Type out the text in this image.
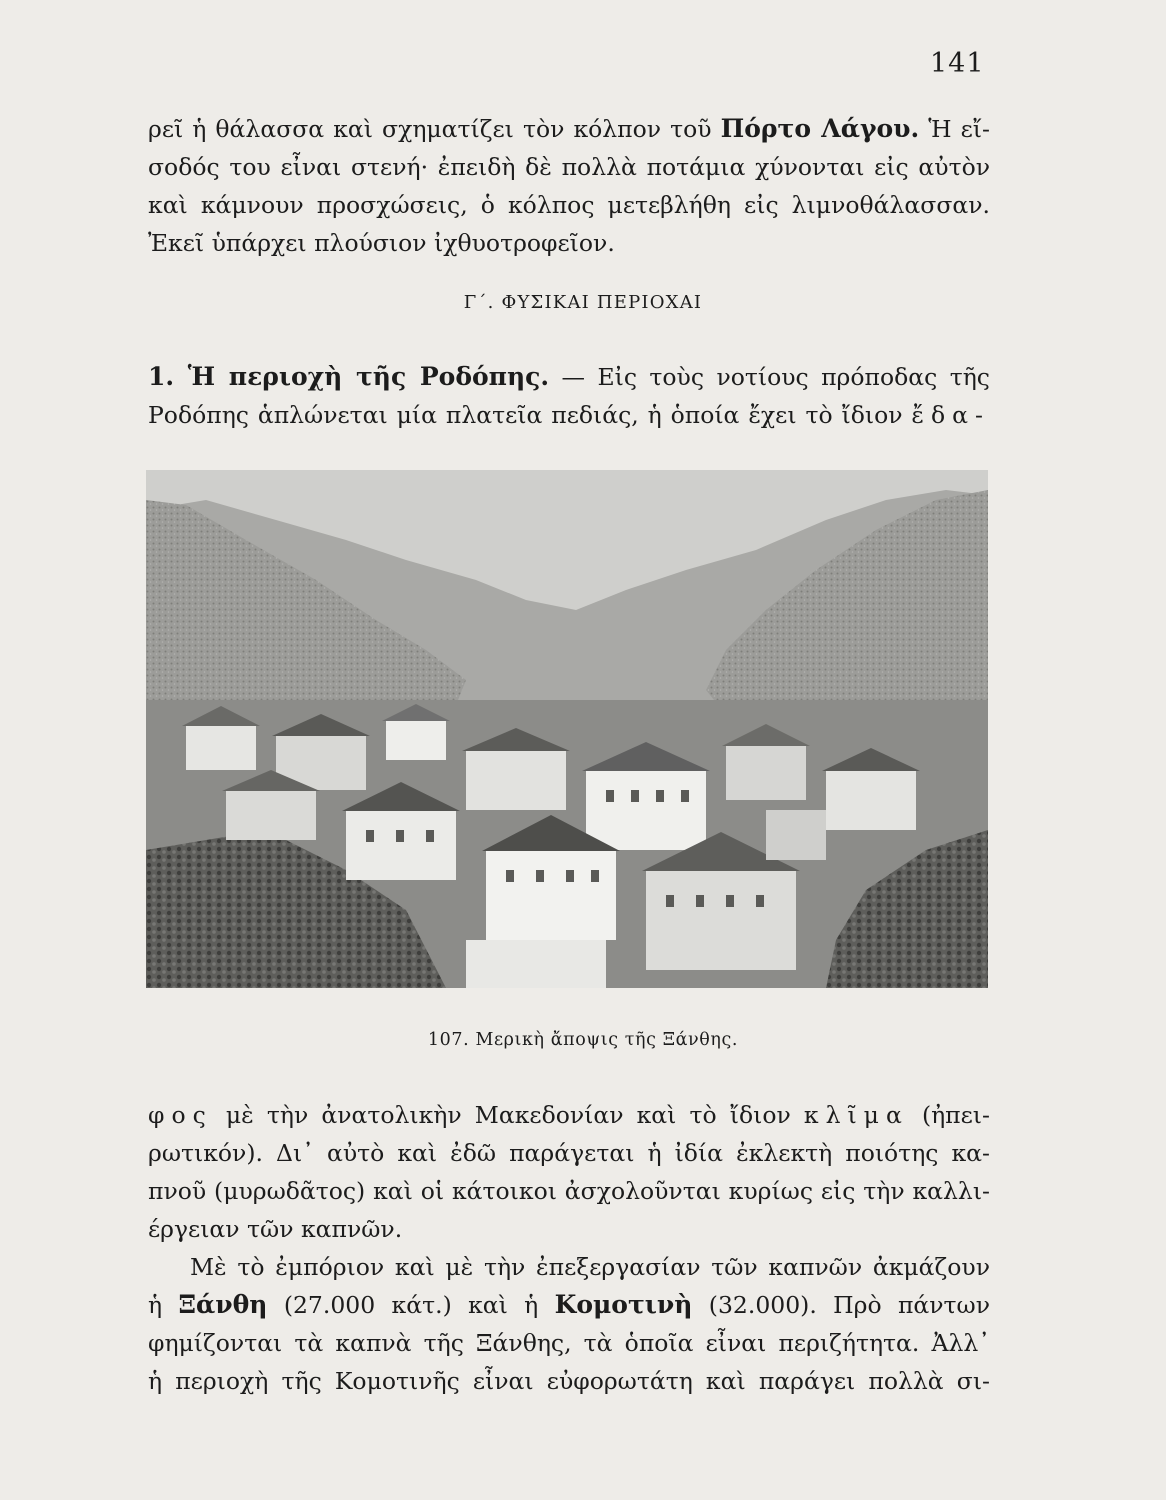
141
ρεῖ ἡ θάλασσα καὶ σχηματίζει τὸν κόλπον τοῦ Πόρτο Λάγου. Ἡ εἴ-
σοδός του εἶναι στενή· ἐπειδὴ δὲ πολλὰ ποτάμια χύνονται εἰς αὐτὸν
καὶ κάμνουν προσχώσεις, ὁ κόλπος μετεβλήθη εἰς λιμνοθάλασσαν.
Ἐκεῖ ὑπάρχει πλούσιον ἰχθυοτροφεῖον.
Γ΄. ΦΥΣΙΚΑΙ ΠΕΡΙΟΧΑΙ
1. Ἡ περιοχὴ τῆς Ροδόπης. — Εἰς τοὺς νοτίους πρόποδας τῆς
Ροδόπης ἁπλώνεται μία πλατεῖα πεδιάς, ἡ ὁποία ἔχει τὸ ἴδιον ἔδα-
107. Μερικὴ ἄποψις τῆς Ξάνθης.
φος μὲ τὴν ἀνατολικὴν Μακεδονίαν καὶ τὸ ἴδιον κλῖμα (ἠπει-
ρωτικόν). Δι᾽ αὐτὸ καὶ ἐδῶ παράγεται ἡ ἰδία ἐκλεκτὴ ποιότης κα-
πνοῦ (μυρωδᾶτος) καὶ οἱ κάτοικοι ἀσχολοῦνται κυρίως εἰς τὴν καλλι-
έργειαν τῶν καπνῶν.
Μὲ τὸ ἐμπόριον καὶ μὲ τὴν ἐπεξεργασίαν τῶν καπνῶν ἀκμάζουν
ἡ Ξάνθη (27.000 κάτ.) καὶ ἡ Κομοτινὴ (32.000). Πρὸ πάντων
φημίζονται τὰ καπνὰ τῆς Ξάνθης, τὰ ὁποῖα εἶναι περιζήτητα. Ἀλλ᾽
ἡ περιοχὴ τῆς Κομοτινῆς εἶναι εὐφορωτάτη καὶ παράγει πολλὰ σι-
